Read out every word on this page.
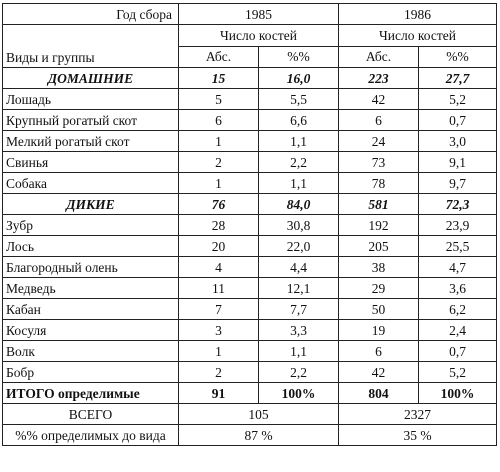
Год сбора	1985		1986	
Виды и группы	Число костей		Число костей	
	Абс.	%%	Абс.	%%
ДОМАШНИЕ	15	16,0	223	27,7
Лошадь	5	5,5	42	5,2
Крупный рогатый скот	6	6,6	6	0,7
Мелкий рогатый скот	1	1,1	24	3,0
Свинья	2	2,2	73	9,1
Собака	1	1,1	78	9,7
ДИКИЕ	76	84,0	581	72,3
Зубр	28	30,8	192	23,9
Лось	20	22,0	205	25,5
Благородный олень	4	4,4	38	4,7
Медведь	11	12,1	29	3,6
Кабан	7	7,7	50	6,2
Косуля	3	3,3	19	2,4
Волк	1	1,1	6	0,7
Бобр	2	2,2	42	5,2
ИТОГО определимые	91	100%	804	100%
ВСЕГО	105		2327	
%% определимых до вида	87 %		35 %	
